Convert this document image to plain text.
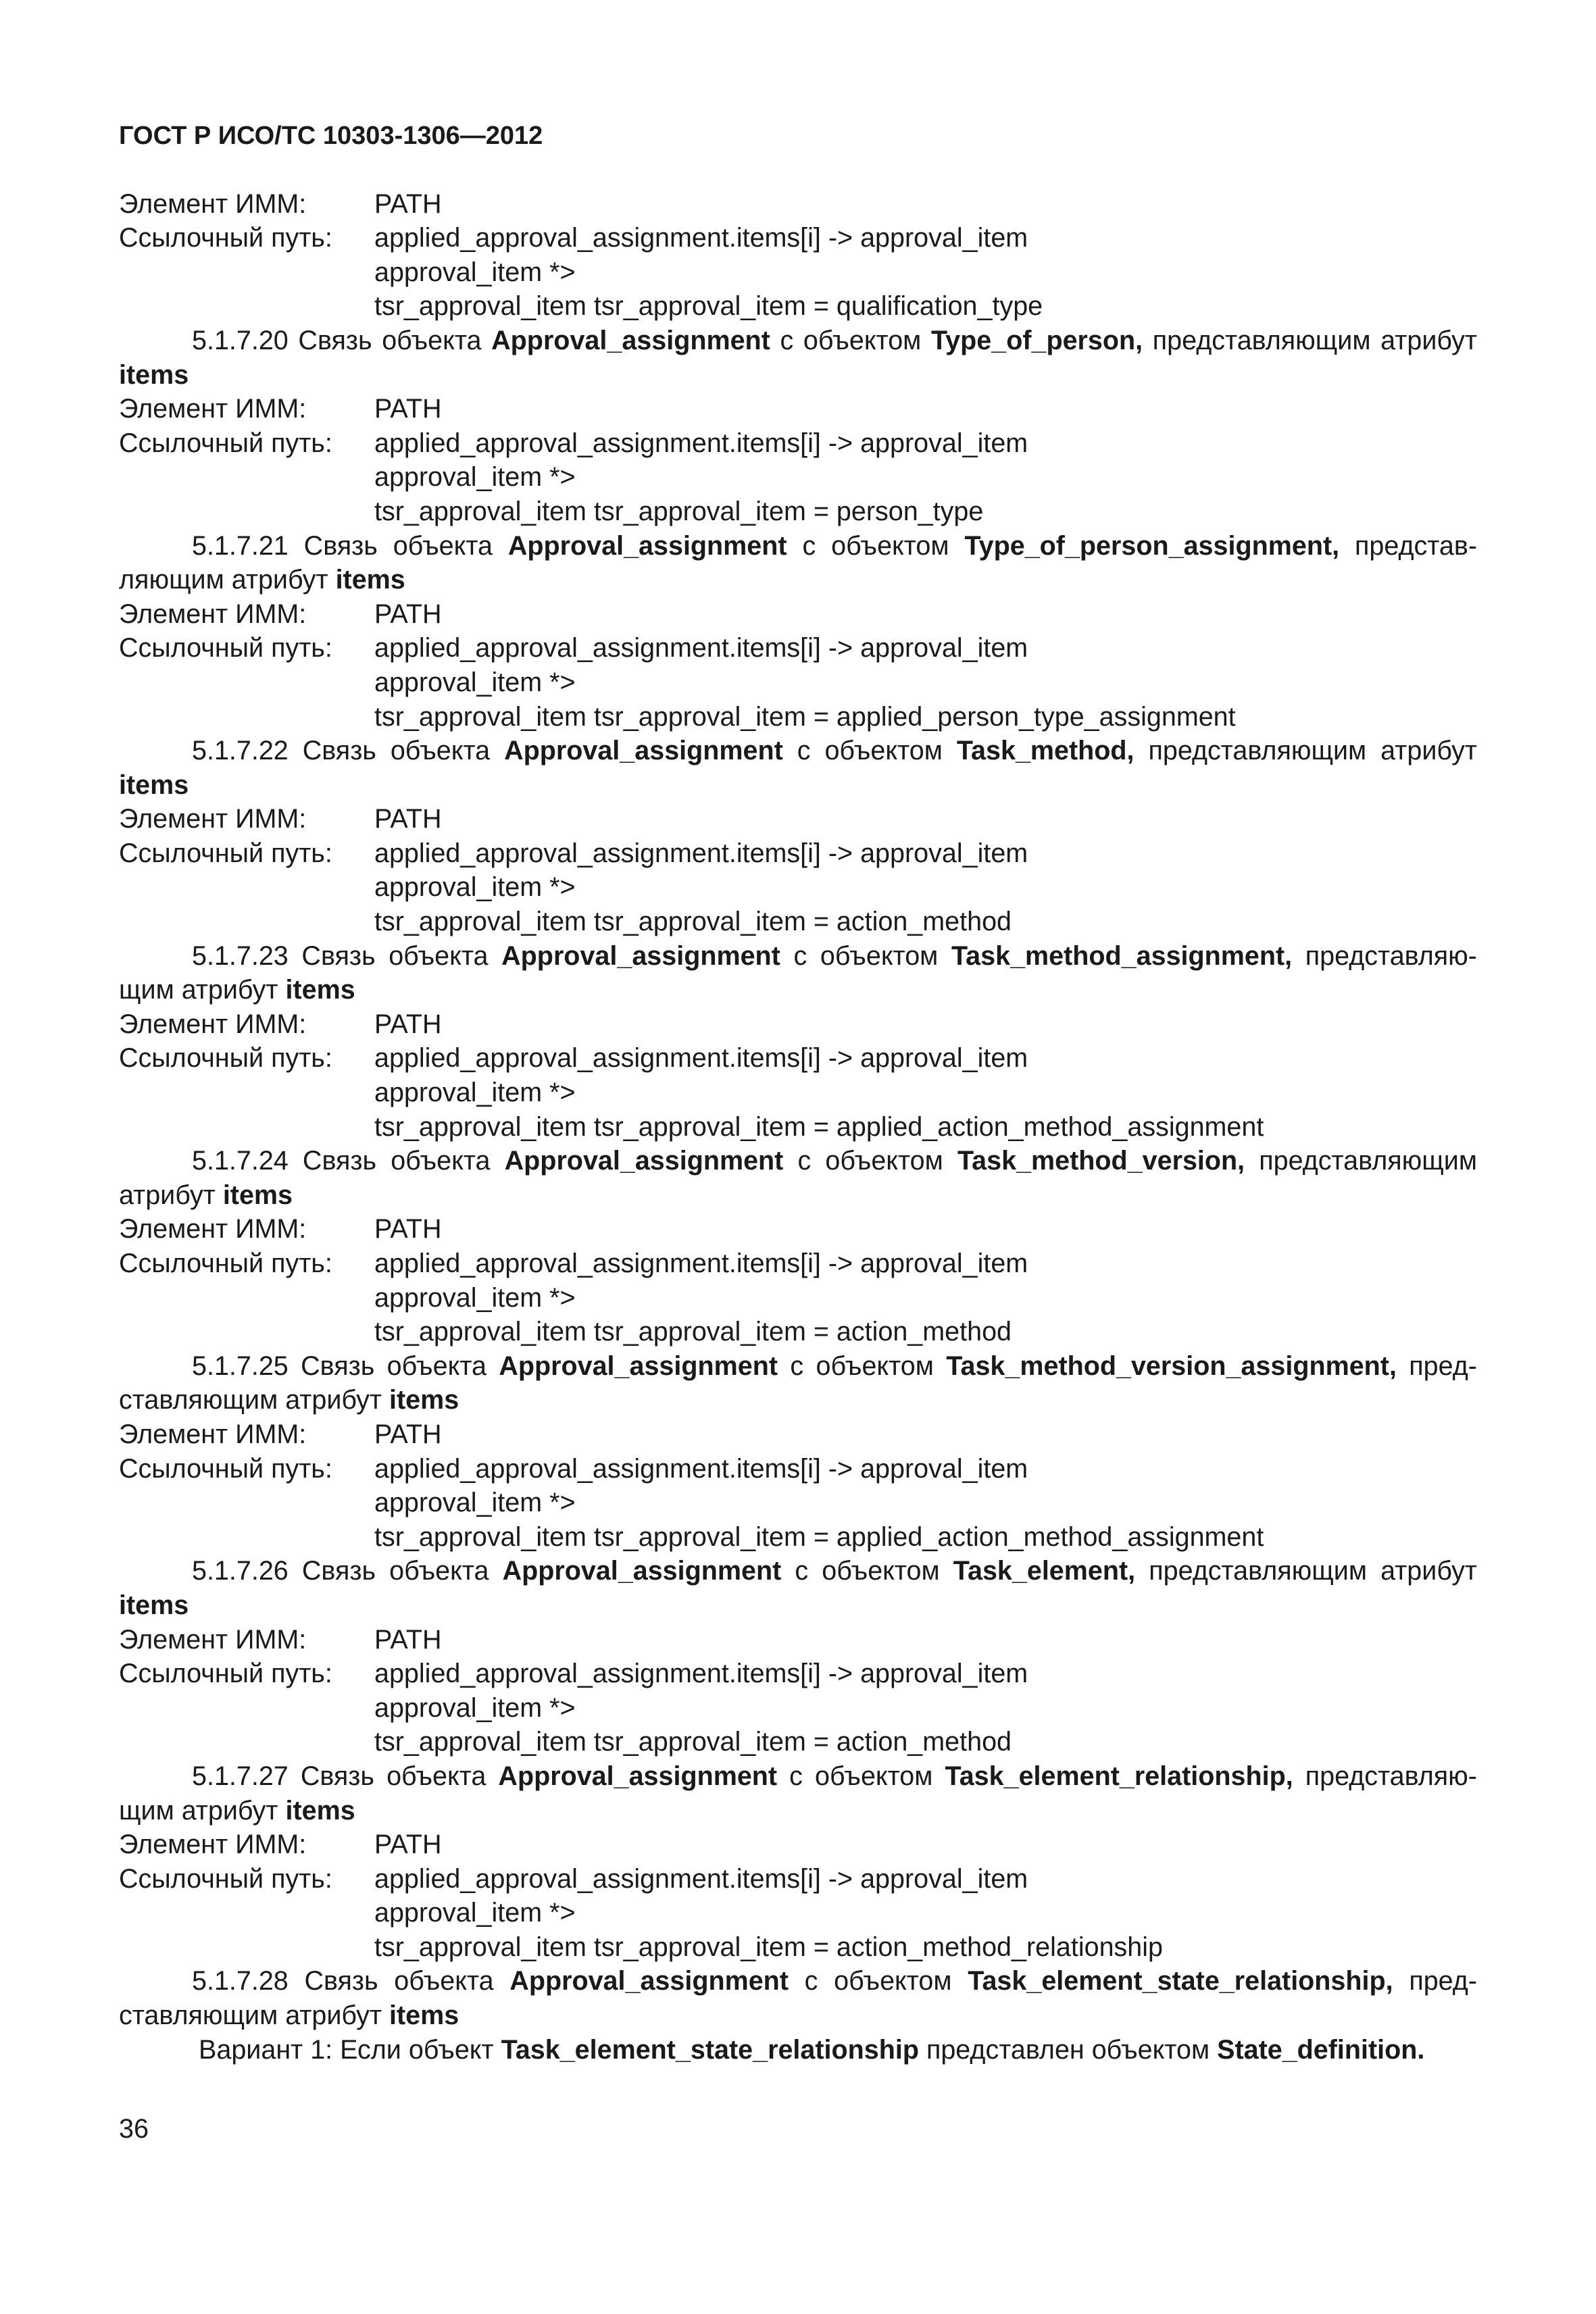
ГОСТ Р ИСО/ТС 10303-1306—2012
Элемент ИММ:	PATH
Ссылочный путь:	applied_approval_assignment.items[i] -> approval_item
approval_item *>
tsr_approval_item tsr_approval_item = qualification_type
5.1.7.20 Связь объекта Approval_assignment с объектом Type_of_person, представляющим атрибут
items
Элемент ИММ:	PATH
Ссылочный путь:	applied_approval_assignment.items[i] -> approval_item
approval_item *>
tsr_approval_item tsr_approval_item = person_type
5.1.7.21 Связь объекта Approval_assignment с объектом Type_of_person_assignment, представ-
ляющим атрибут items
Элемент ИММ:	PATH
Ссылочный путь:	applied_approval_assignment.items[i] -> approval_item
approval_item *>
tsr_approval_item tsr_approval_item = applied_person_type_assignment
5.1.7.22 Связь объекта Approval_assignment с объектом Task_method, представляющим атрибут
items
Элемент ИММ:	PATH
Ссылочный путь:	applied_approval_assignment.items[i] -> approval_item
approval_item *>
tsr_approval_item tsr_approval_item = action_method
5.1.7.23 Связь объекта Approval_assignment с объектом Task_method_assignment, представляю-
щим атрибут items
Элемент ИММ:	PATH
Ссылочный путь:	applied_approval_assignment.items[i] -> approval_item
approval_item *>
tsr_approval_item tsr_approval_item = applied_action_method_assignment
5.1.7.24 Связь объекта Approval_assignment с объектом Task_method_version, представляющим
атрибут items
Элемент ИММ:	PATH
Ссылочный путь:	applied_approval_assignment.items[i] -> approval_item
approval_item *>
tsr_approval_item tsr_approval_item = action_method
5.1.7.25 Связь объекта Approval_assignment с объектом Task_method_version_assignment, пред-
ставляющим атрибут items
Элемент ИММ:	PATH
Ссылочный путь:	applied_approval_assignment.items[i] -> approval_item
approval_item *>
tsr_approval_item tsr_approval_item = applied_action_method_assignment
5.1.7.26 Связь объекта Approval_assignment с объектом Task_element, представляющим атрибут
items
Элемент ИММ:	PATH
Ссылочный путь:	applied_approval_assignment.items[i] -> approval_item
approval_item *>
tsr_approval_item tsr_approval_item = action_method
5.1.7.27 Связь объекта Approval_assignment с объектом Task_element_relationship, представляю-
щим атрибут items
Элемент ИММ:	PATH
Ссылочный путь:	applied_approval_assignment.items[i] -> approval_item
approval_item *>
tsr_approval_item tsr_approval_item = action_method_relationship
5.1.7.28 Связь объекта Approval_assignment с объектом Task_element_state_relationship, пред-
ставляющим атрибут items
Вариант 1: Если объект Task_element_state_relationship представлен объектом State_definition.
36
